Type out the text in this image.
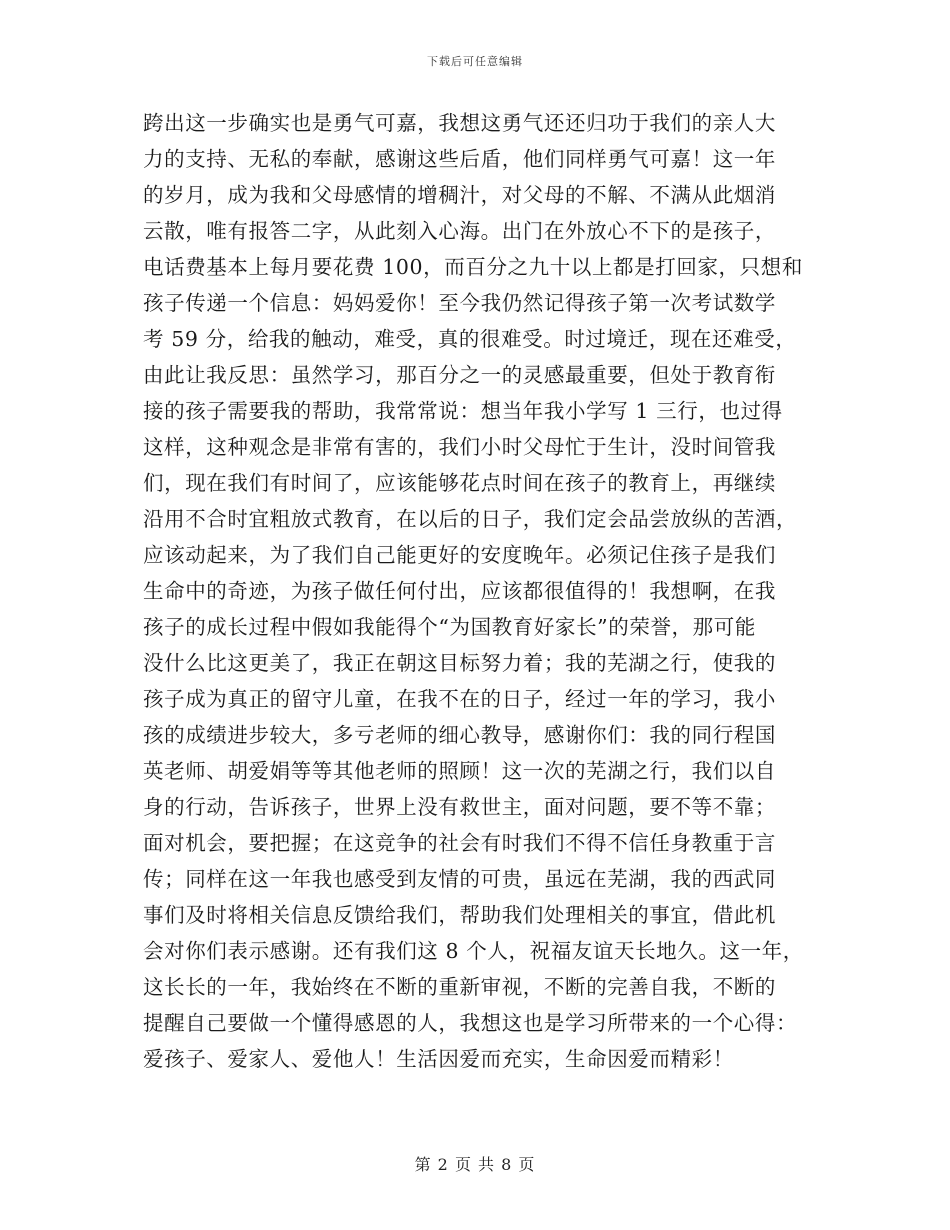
下载后可任意编辑
跨出这一步确实也是勇气可嘉，我想这勇气还还归功于我们的亲人大
力的支持、无私的奉献，感谢这些后盾，他们同样勇气可嘉！这一年
的岁月，成为我和父母感情的增稠汁，对父母的不解、不满从此烟消
云散，唯有报答二字，从此刻入心海。出门在外放心不下的是孩子，
电话费基本上每月要花费 100，而百分之九十以上都是打回家，只想和
孩子传递一个信息：妈妈爱你！至今我仍然记得孩子第一次考试数学
考 59 分，给我的触动，难受，真的很难受。时过境迁，现在还难受，
由此让我反思：虽然学习，那百分之一的灵感最重要，但处于教育衔
接的孩子需要我的帮助，我常常说：想当年我小学写 1 三行，也过得
这样，这种观念是非常有害的，我们小时父母忙于生计，没时间管我
们，现在我们有时间了，应该能够花点时间在孩子的教育上，再继续
沿用不合时宜粗放式教育，在以后的日子，我们定会品尝放纵的苦酒，
应该动起来，为了我们自己能更好的安度晚年。必须记住孩子是我们
生命中的奇迹，为孩子做任何付出，应该都很值得的！我想啊，在我
孩子的成长过程中假如我能得个“为国教育好家长”的荣誉，那可能
没什么比这更美了，我正在朝这目标努力着；我的芜湖之行，使我的
孩子成为真正的留守儿童，在我不在的日子，经过一年的学习，我小
孩的成绩进步较大，多亏老师的细心教导，感谢你们：我的同行程国
英老师、胡爱娟等等其他老师的照顾！这一次的芜湖之行，我们以自
身的行动，告诉孩子，世界上没有救世主，面对问题，要不等不靠；
面对机会，要把握；在这竞争的社会有时我们不得不信任身教重于言
传；同样在这一年我也感受到友情的可贵，虽远在芜湖，我的西武同
事们及时将相关信息反馈给我们，帮助我们处理相关的事宜，借此机
会对你们表示感谢。还有我们这 8 个人，祝福友谊天长地久。这一年，
这长长的一年，我始终在不断的重新审视，不断的完善自我，不断的
提醒自己要做一个懂得感恩的人，我想这也是学习所带来的一个心得：
爱孩子、爱家人、爱他人！生活因爱而充实，生命因爱而精彩！
第 2 页 共 8 页
